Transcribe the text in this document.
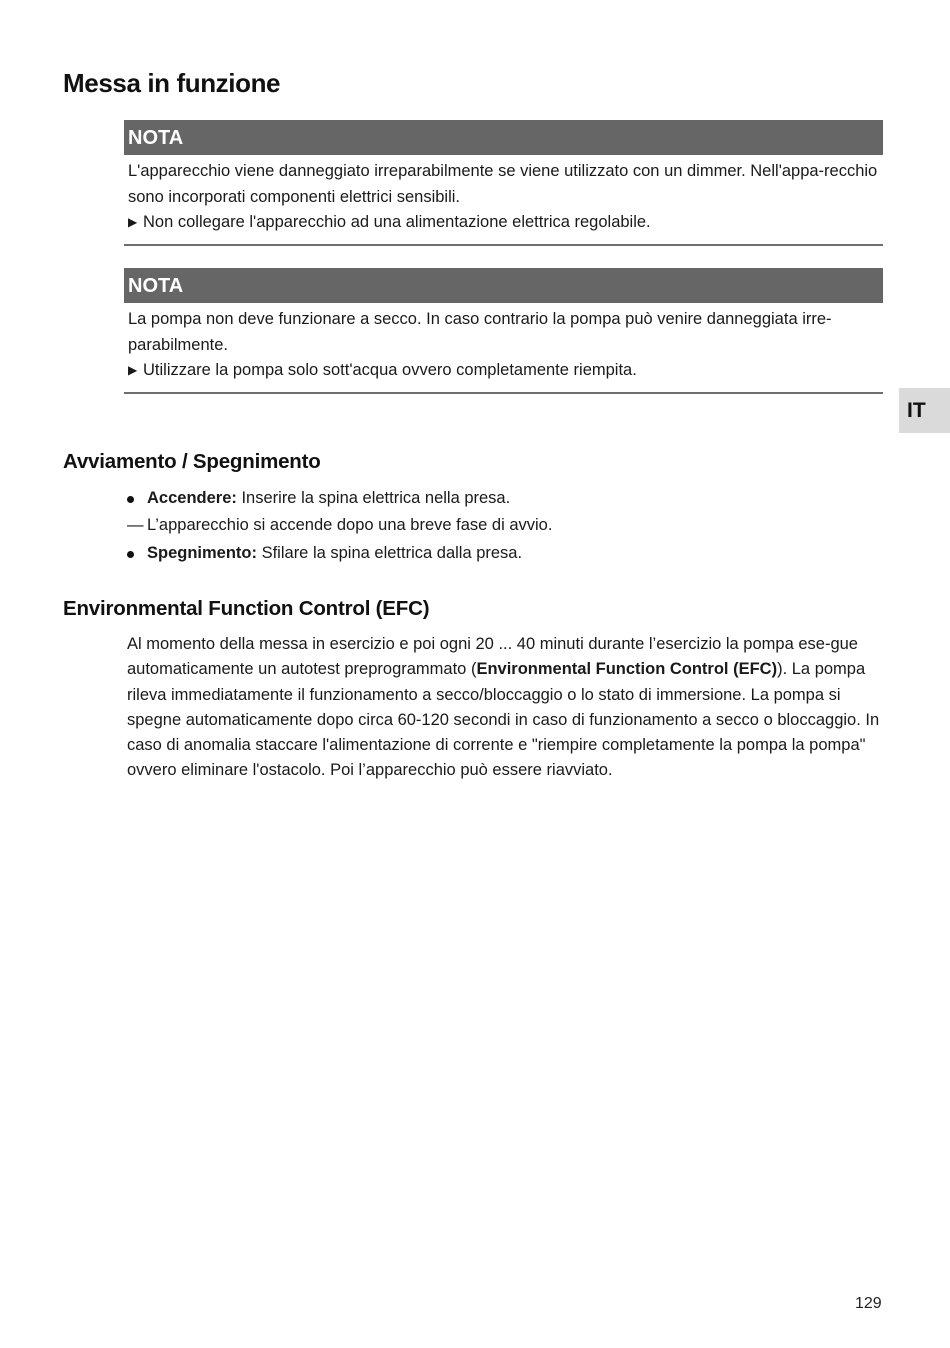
Messa in funzione
NOTA

L'apparecchio viene danneggiato irreparabilmente se viene utilizzato con un dimmer. Nell'appa-recchio sono incorporati componenti elettrici sensibili.

▶ Non collegare l'apparecchio ad una alimentazione elettrica regolabile.

NOTA

La pompa non deve funzionare a secco. In caso contrario la pompa può venire danneggiata irre-parabilmente.

▶ Utilizzare la pompa solo sott'acqua ovvero completamente riempita.

IT
Avviamento / Spegnimento
Accendere: Inserire la spina elettrica nella presa.
— L’apparecchio si accende dopo una breve fase di avvio.
Spegnimento: Sfilare la spina elettrica dalla presa.
Environmental Function Control (EFC)

Al momento della messa in esercizio e poi ogni 20 ... 40 minuti durante l’esercizio la pompa ese-gue automaticamente un autotest preprogrammato (Environmental Function Control (EFC)). La pompa rileva immediatamente il funzionamento a secco/bloccaggio o lo stato di immersione. La pompa si spegne automaticamente dopo circa 60-120 secondi in caso di funzionamento a secco o bloccaggio. In caso di anomalia staccare l'alimentazione di corrente e "riempire completamente la pompa la pompa" ovvero eliminare l'ostacolo. Poi l’apparecchio può essere riavviato.

129
